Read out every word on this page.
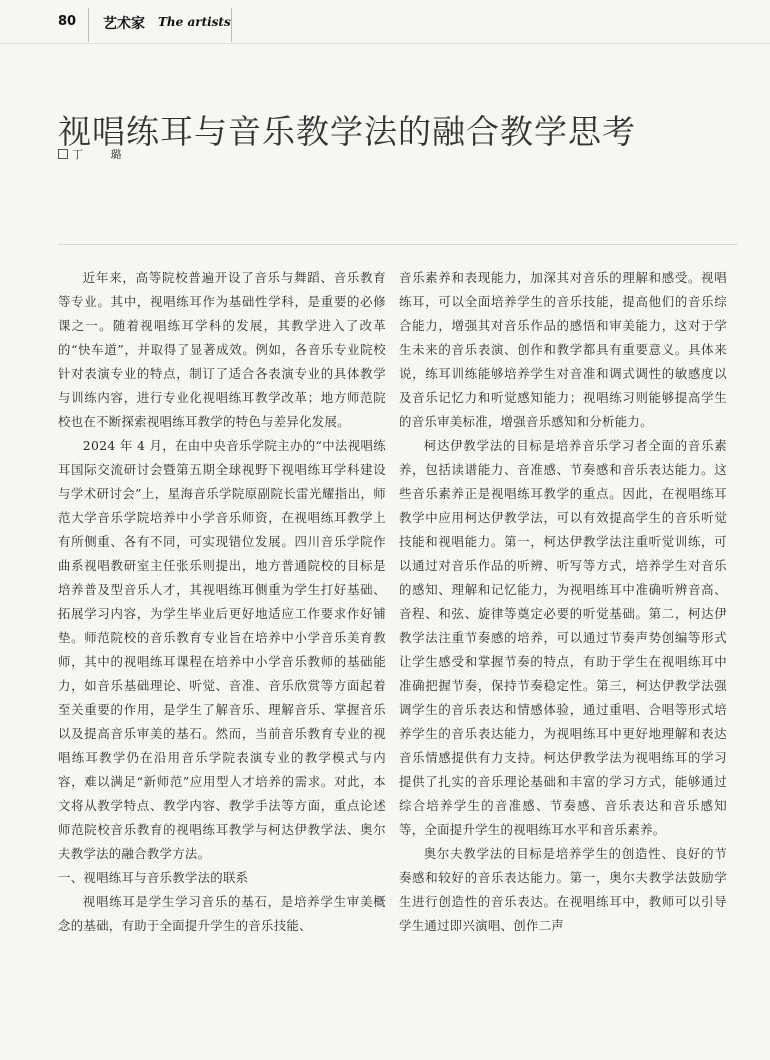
80 艺术家 The artists
视唱练耳与音乐教学法的融合教学思考
丁 璐

近年来，高等院校普遍开设了音乐与舞蹈、音乐教育等专业。其中，视唱练耳作为基础性学科，是重要的必修课之一。随着视唱练耳学科的发展，其教学进入了改革的“快车道”，并取得了显著成效。例如，各音乐专业院校针对表演专业的特点，制订了适合各表演专业的具体教学与训练内容，进行专业化视唱练耳教学改革；地方师范院校也在不断探索视唱练耳教学的特色与差异化发展。

2024 年 4 月，在由中央音乐学院主办的“中法视唱练耳国际交流研讨会暨第五期全球视野下视唱练耳学科建设与学术研讨会”上，星海音乐学院原副院长雷光耀指出，师范大学音乐学院培养中小学音乐师资，在视唱练耳教学上有所侧重、各有不同，可实现错位发展。四川音乐学院作曲系视唱教研室主任张乐则提出，地方普通院校的目标是培养普及型音乐人才，其视唱练耳侧重为学生打好基础、拓展学习内容，为学生毕业后更好地适应工作要求作好铺垫。师范院校的音乐教育专业旨在培养中小学音乐美育教师，其中的视唱练耳课程在培养中小学音乐教师的基础能力，如音乐基础理论、听觉、音准、音乐欣赏等方面起着至关重要的作用，是学生了解音乐、理解音乐、掌握音乐以及提高音乐审美的基石。然而，当前音乐教育专业的视唱练耳教学仍在沿用音乐学院表演专业的教学模式与内容，难以满足“新师范”应用型人才培养的需求。对此，本文将从教学特点、教学内容、教学手法等方面，重点论述师范院校音乐教育的视唱练耳教学与柯达伊教学法、奥尔夫教学法的融合教学方法。

一、视唱练耳与音乐教学法的联系

视唱练耳是学生学习音乐的基石，是培养学生审美概念的基础，有助于全面提升学生的音乐技能、

音乐素养和表现能力，加深其对音乐的理解和感受。视唱练耳，可以全面培养学生的音乐技能，提高他们的音乐综合能力，增强其对音乐作品的感悟和审美能力，这对于学生未来的音乐表演、创作和教学都具有重要意义。具体来说，练耳训练能够培养学生对音准和调式调性的敏感度以及音乐记忆力和听觉感知能力；视唱练习则能够提高学生的音乐审美标准，增强音乐感知和分析能力。

柯达伊教学法的目标是培养音乐学习者全面的音乐素养，包括读谱能力、音准感、节奏感和音乐表达能力。这些音乐素养正是视唱练耳教学的重点。因此，在视唱练耳教学中应用柯达伊教学法，可以有效提高学生的音乐听觉技能和视唱能力。第一，柯达伊教学法注重听觉训练，可以通过对音乐作品的听辨、听写等方式，培养学生对音乐的感知、理解和记忆能力，为视唱练耳中准确听辨音高、音程、和弦、旋律等奠定必要的听觉基础。第二，柯达伊教学法注重节奏感的培养，可以通过节奏声势创编等形式让学生感受和掌握节奏的特点，有助于学生在视唱练耳中准确把握节奏，保持节奏稳定性。第三，柯达伊教学法强调学生的音乐表达和情感体验，通过重唱、合唱等形式培养学生的音乐表达能力，为视唱练耳中更好地理解和表达音乐情感提供有力支持。柯达伊教学法为视唱练耳的学习提供了扎实的音乐理论基础和丰富的学习方式，能够通过综合培养学生的音准感、节奏感、音乐表达和音乐感知等，全面提升学生的视唱练耳水平和音乐素养。

奥尔夫教学法的目标是培养学生的创造性、良好的节奏感和较好的音乐表达能力。第一，奥尔夫教学法鼓励学生进行创造性的音乐表达。在视唱练耳中，教师可以引导学生通过即兴演唱、创作二声
